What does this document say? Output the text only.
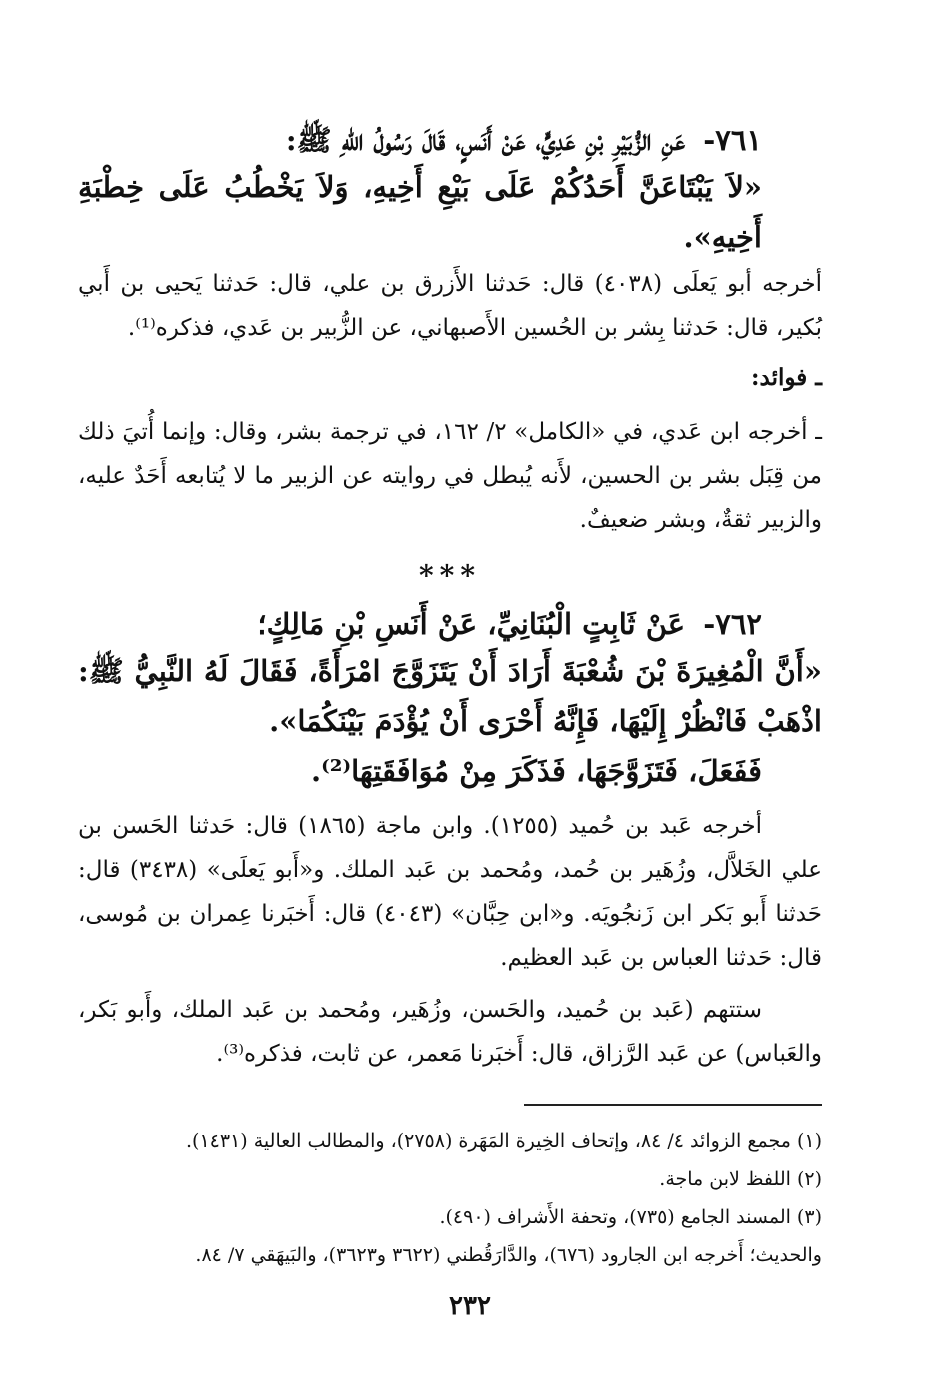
٧٦١- عَنِ الزُّبَيْرِ بْنِ عَدِيٍّ، عَنْ أَنَسٍ، قَالَ رَسُولُ اللهِ ﷺ:

«لاَ يَبْتَاعَنَّ أَحَدُكُمْ عَلَى بَيْعِ أَخِيهِ، وَلاَ يَخْطُبُ عَلَى خِطْبَةِ أَخِيهِ».

أخرجه أبو يَعلَى (٤٠٣٨) قال: حَدثنا الأَزرق بن علي، قال: حَدثنا يَحيى بن أَبي بُكير، قال: حَدثنا بِشر بن الحُسين الأَصبهاني، عن الزُّبير بن عَدي، فذكره⁽¹⁾.

ـ فوائد:

ـ أخرجه ابن عَدي، في «الكامل» ٢/ ١٦٢، في ترجمة بشر، وقال: وإنما أُتيَ ذلك من قِبَل بشر بن الحسين، لأَنه يُبطل في روايته عن الزبير ما لا يُتابعه أَحَدٌ عليه، والزبير ثقةٌ، وبشر ضعيفٌ.

***

٧٦٢- عَنْ ثَابِتٍ الْبُنَانِيِّ، عَنْ أَنَسِ بْنِ مَالِكٍ؛

«أَنَّ الْمُغِيرَةَ بْنَ شُعْبَةَ أَرَادَ أَنْ يَتَزَوَّجَ امْرَأَةً، فَقَالَ لَهُ النَّبِيُّ ﷺ: اذْهَبْ فَانْظُرْ إِلَيْهَا، فَإِنَّهُ أَحْرَى أَنْ يُؤْدَمَ بَيْنَكُمَا».

فَفَعَلَ، فَتَزَوَّجَهَا، فَذَكَرَ مِنْ مُوَافَقَتِهَا⁽²⁾.

أخرجه عَبد بن حُميد (١٢٥٥). وابن ماجة (١٨٦٥) قال: حَدثنا الحَسن بن علي الخَلاَّل، وزُهَير بن حُمد، ومُحمد بن عَبد الملك. و«أَبو يَعلَى» (٣٤٣٨) قال: حَدثنا أَبو بَكر ابن زَنجُويَه. و«ابن حِبَّان» (٤٠٤٣) قال: أَخبَرنا عِمران بن مُوسى، قال: حَدثنا العباس بن عَبد العظيم.

ستتهم (عَبد بن حُميد، والحَسن، وزُهَير، ومُحمد بن عَبد الملك، وأَبو بَكر، والعَباس) عن عَبد الرَّزاق، قال: أَخبَرنا مَعمر، عن ثابت، فذكره⁽³⁾.

(١) مجمع الزوائد ٤/ ٨٤، وإتحاف الخِيرة المَهَرة (٢٧٥٨)، والمطالب العالية (١٤٣١).
(٢) اللفظ لابن ماجة.
(٣) المسند الجامع (٧٣٥)، وتحفة الأَشراف (٤٩٠).
والحديث؛ أَخرجه ابن الجارود (٦٧٦)، والدَّارَقُطني (٣٦٢٢ و٣٦٢٣)، والبَيهَقي ٧/ ٨٤.
٢٣٢
